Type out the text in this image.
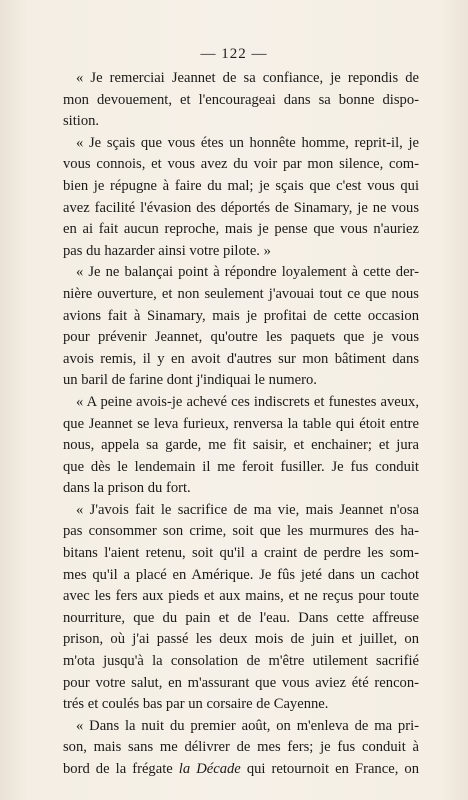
— 122 —

« Je remerciai Jeannet de sa confiance, je repondis de
mon devouement, et l'encourageai dans sa bonne dispo-
sition.

« Je sçais que vous étes un honnête homme, reprit-il, je
vous connois, et vous avez du voir par mon silence, com-
bien je répugne à faire du mal; je sçais que c'est vous qui
avez facilité l'évasion des déportés de Sinamary, je ne vous
en ai fait aucun reproche, mais je pense que vous n'auriez
pas du hazarder ainsi votre pilote. »

« Je ne balançai point à répondre loyalement à cette der-
nière ouverture, et non seulement j'avouai tout ce que nous
avions fait à Sinamary, mais je profitai de cette occasion
pour prévenir Jeannet, qu'outre les paquets que je vous
avois remis, il y en avoit d'autres sur mon bâtiment dans
un baril de farine dont j'indiquai le numero.

« A peine avois-je achevé ces indiscrets et funestes aveux,
que Jeannet se leva furieux, renversa la table qui étoit entre
nous, appela sa garde, me fit saisir, et enchainer; et jura
que dès le lendemain il me feroit fusiller. Je fus conduit
dans la prison du fort.

« J'avois fait le sacrifice de ma vie, mais Jeannet n'osa
pas consommer son crime, soit que les murmures des ha-
bitans l'aient retenu, soit qu'il a craint de perdre les som-
mes qu'il a placé en Amérique. Je fûs jeté dans un cachot
avec les fers aux pieds et aux mains, et ne reçus pour toute
nourriture, que du pain et de l'eau. Dans cette affreuse
prison, où j'ai passé les deux mois de juin et juillet, on
m'ota jusqu'à la consolation de m'être utilement sacrifié
pour votre salut, en m'assurant que vous aviez été rencon-
trés et coulés bas par un corsaire de Cayenne.

« Dans la nuit du premier août, on m'enleva de ma pri-
son, mais sans me délivrer de mes fers; je fus conduit à
bord de la frégate la Décade qui retournoit en France, on
